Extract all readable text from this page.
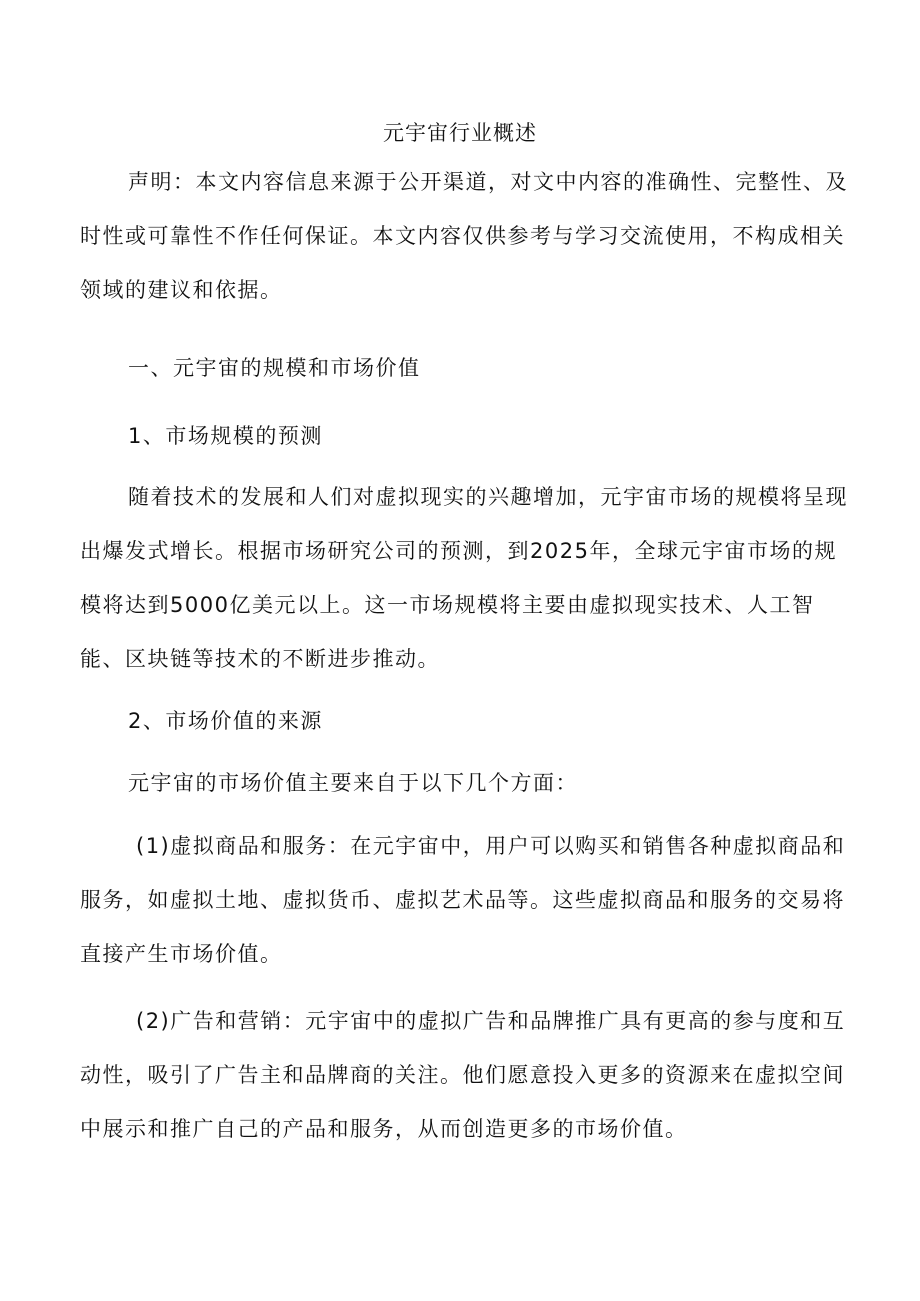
元宇宙行业概述

声明：本文内容信息来源于公开渠道，对文中内容的准确性、完整性、及时性或可靠性不作任何保证。本文内容仅供参考与学习交流使用，不构成相关领域的建议和依据。

一、元宇宙的规模和市场价值
1、市场规模的预测

随着技术的发展和人们对虚拟现实的兴趣增加，元宇宙市场的规模将呈现出爆发式增长。根据市场研究公司的预测，到2025年，全球元宇宙市场的规模将达到5000亿美元以上。这一市场规模将主要由虚拟现实技术、人工智能、区块链等技术的不断进步推动。

2、市场价值的来源

元宇宙的市场价值主要来自于以下几个方面：

(1)虚拟商品和服务：在元宇宙中，用户可以购买和销售各种虚拟商品和服务，如虚拟土地、虚拟货币、虚拟艺术品等。这些虚拟商品和服务的交易将直接产生市场价值。

(2)广告和营销：元宇宙中的虚拟广告和品牌推广具有更高的参与度和互动性，吸引了广告主和品牌商的关注。他们愿意投入更多的资源来在虚拟空间中展示和推广自己的产品和服务，从而创造更多的市场价值。
